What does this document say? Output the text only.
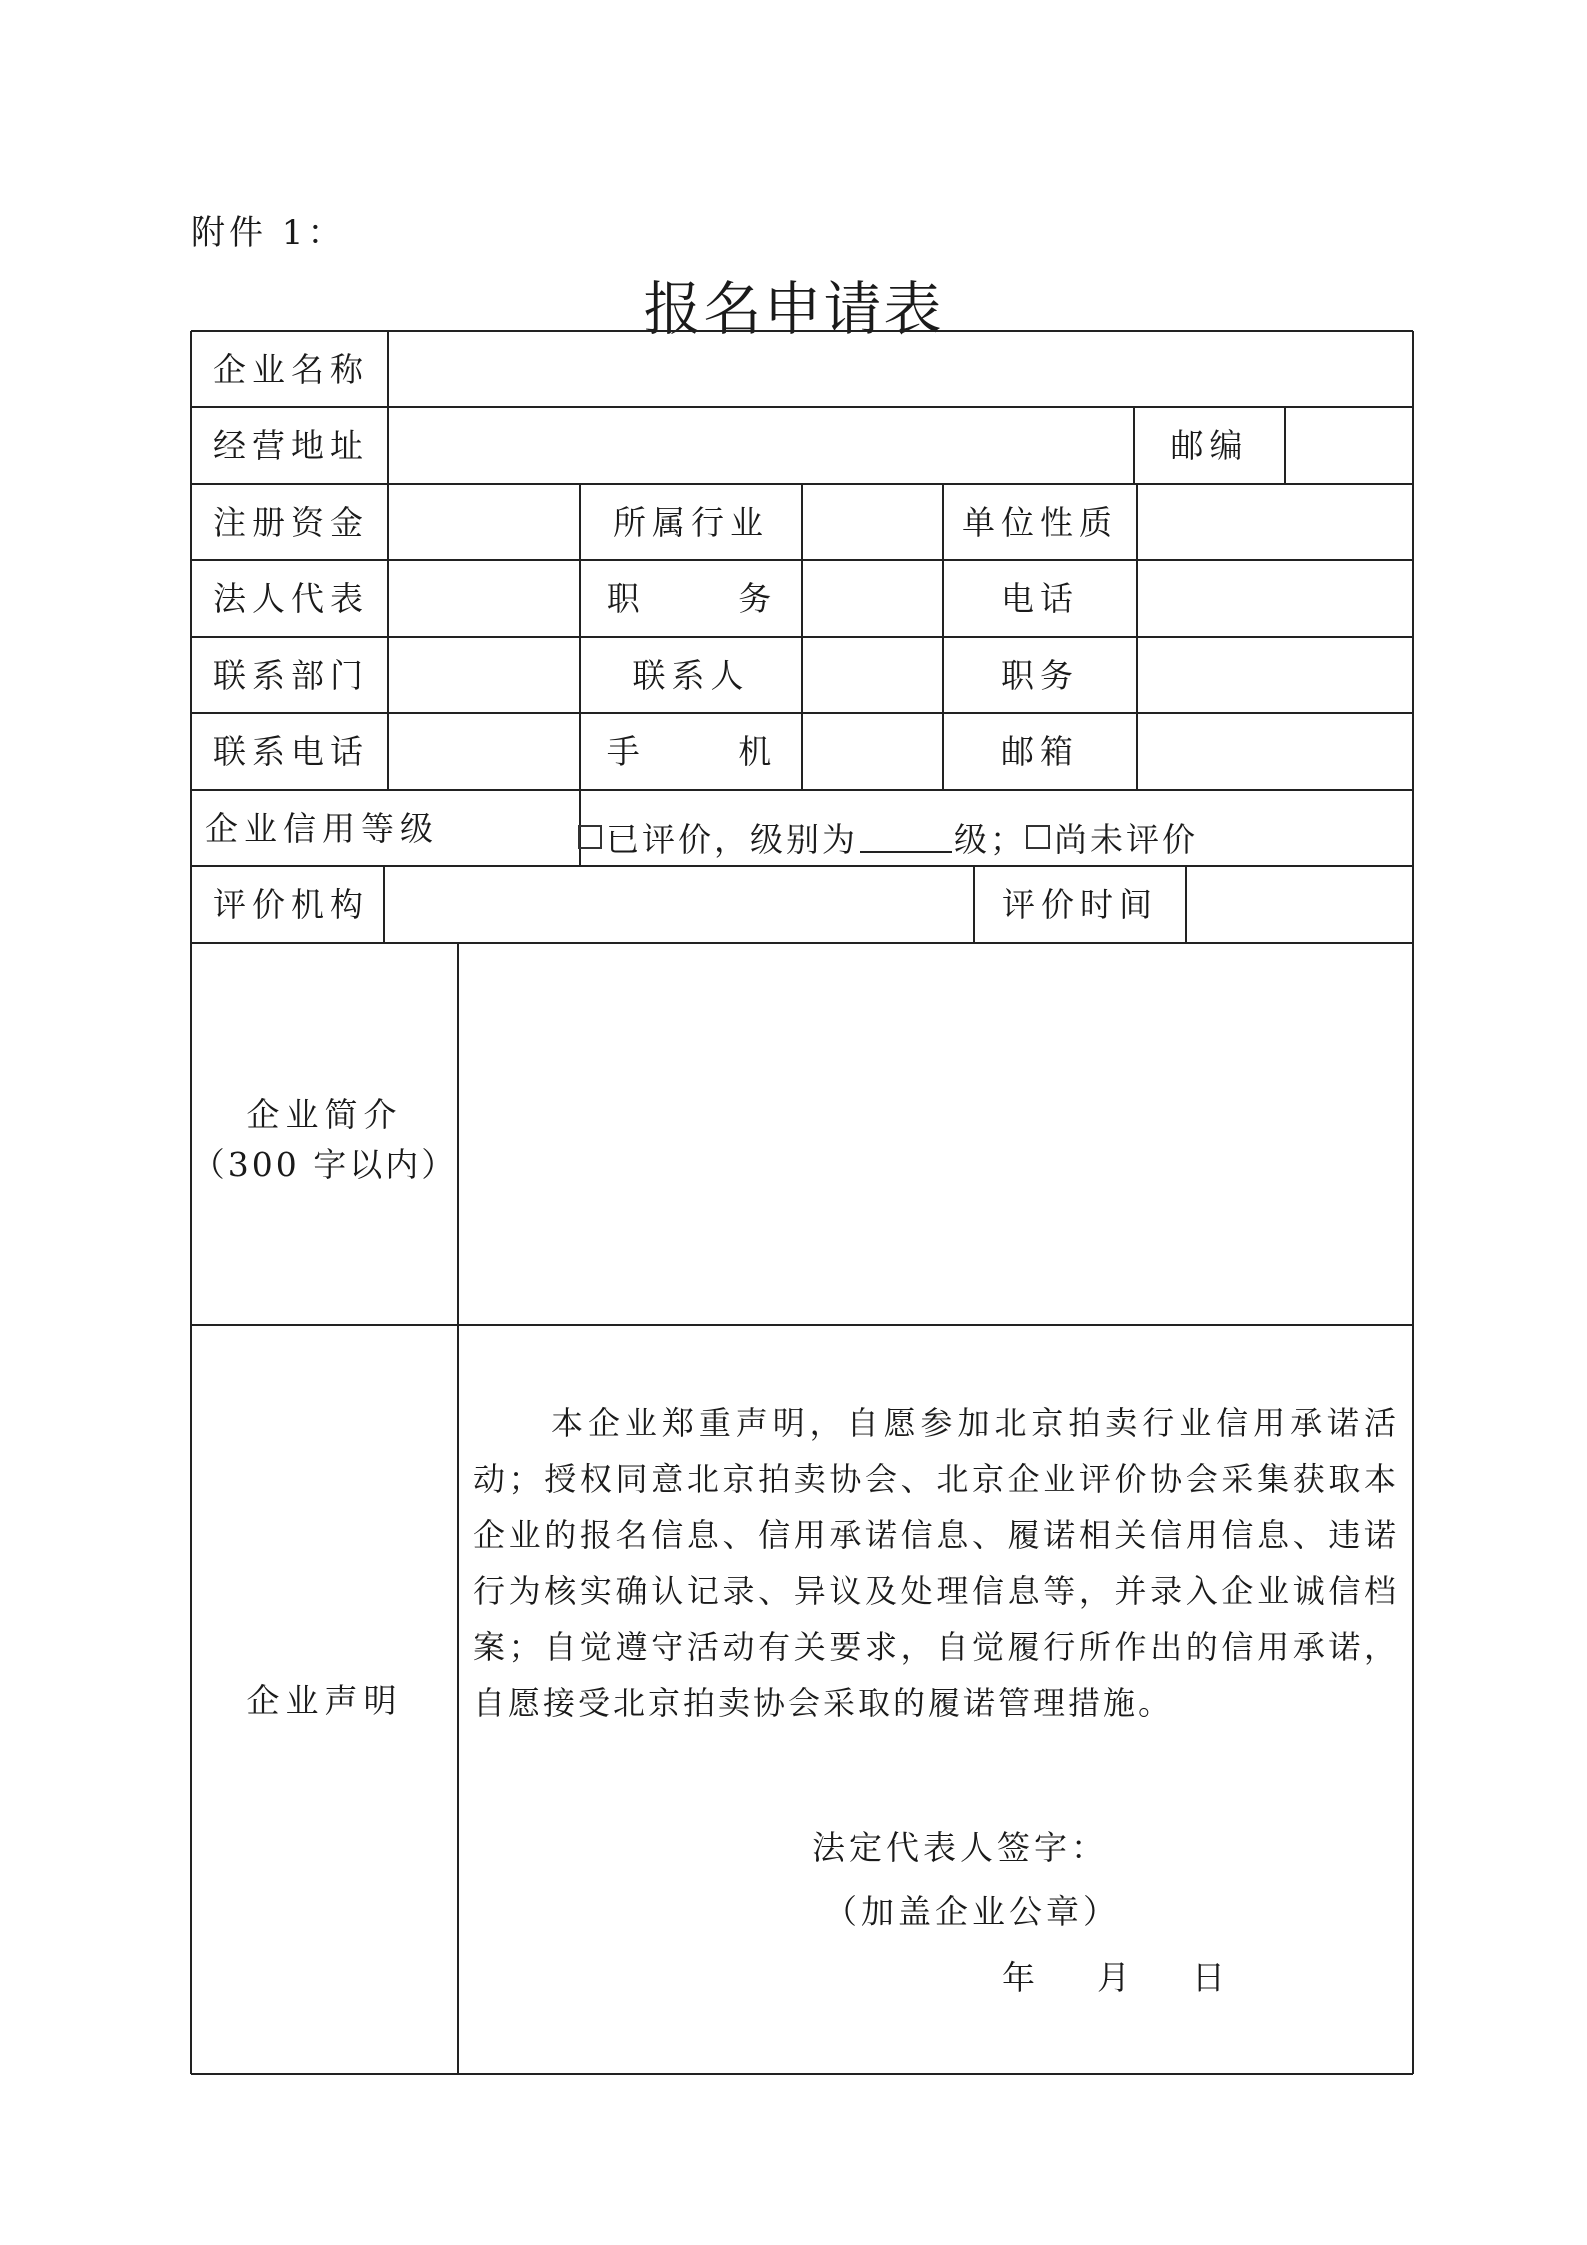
附件 1：
报名申请表
企业名称
经营地址	邮编
注册资金	所属行业	单位性质
法人代表	职 务	电话
联系部门	联系人	职务
联系电话	手 机	邮箱
企业信用等级	已评价，级别为	级； 尚未评价
评价机构	评价时间
企业简介
（300 字以内）
企业声明

本企业郑重声明，自愿参加北京拍卖行业信用承诺活动；授权同意北京拍卖协会、北京企业评价协会采集获取本企业的报名信息、信用承诺信息、履诺相关信用信息、违诺行为核实确认记录、异议及处理信息等，并录入企业诚信档案；自觉遵守活动有关要求，自觉履行所作出的信用承诺，自愿接受北京拍卖协会采取的履诺管理措施。

法定代表人签字：
（加盖企业公章）
年 月 日
